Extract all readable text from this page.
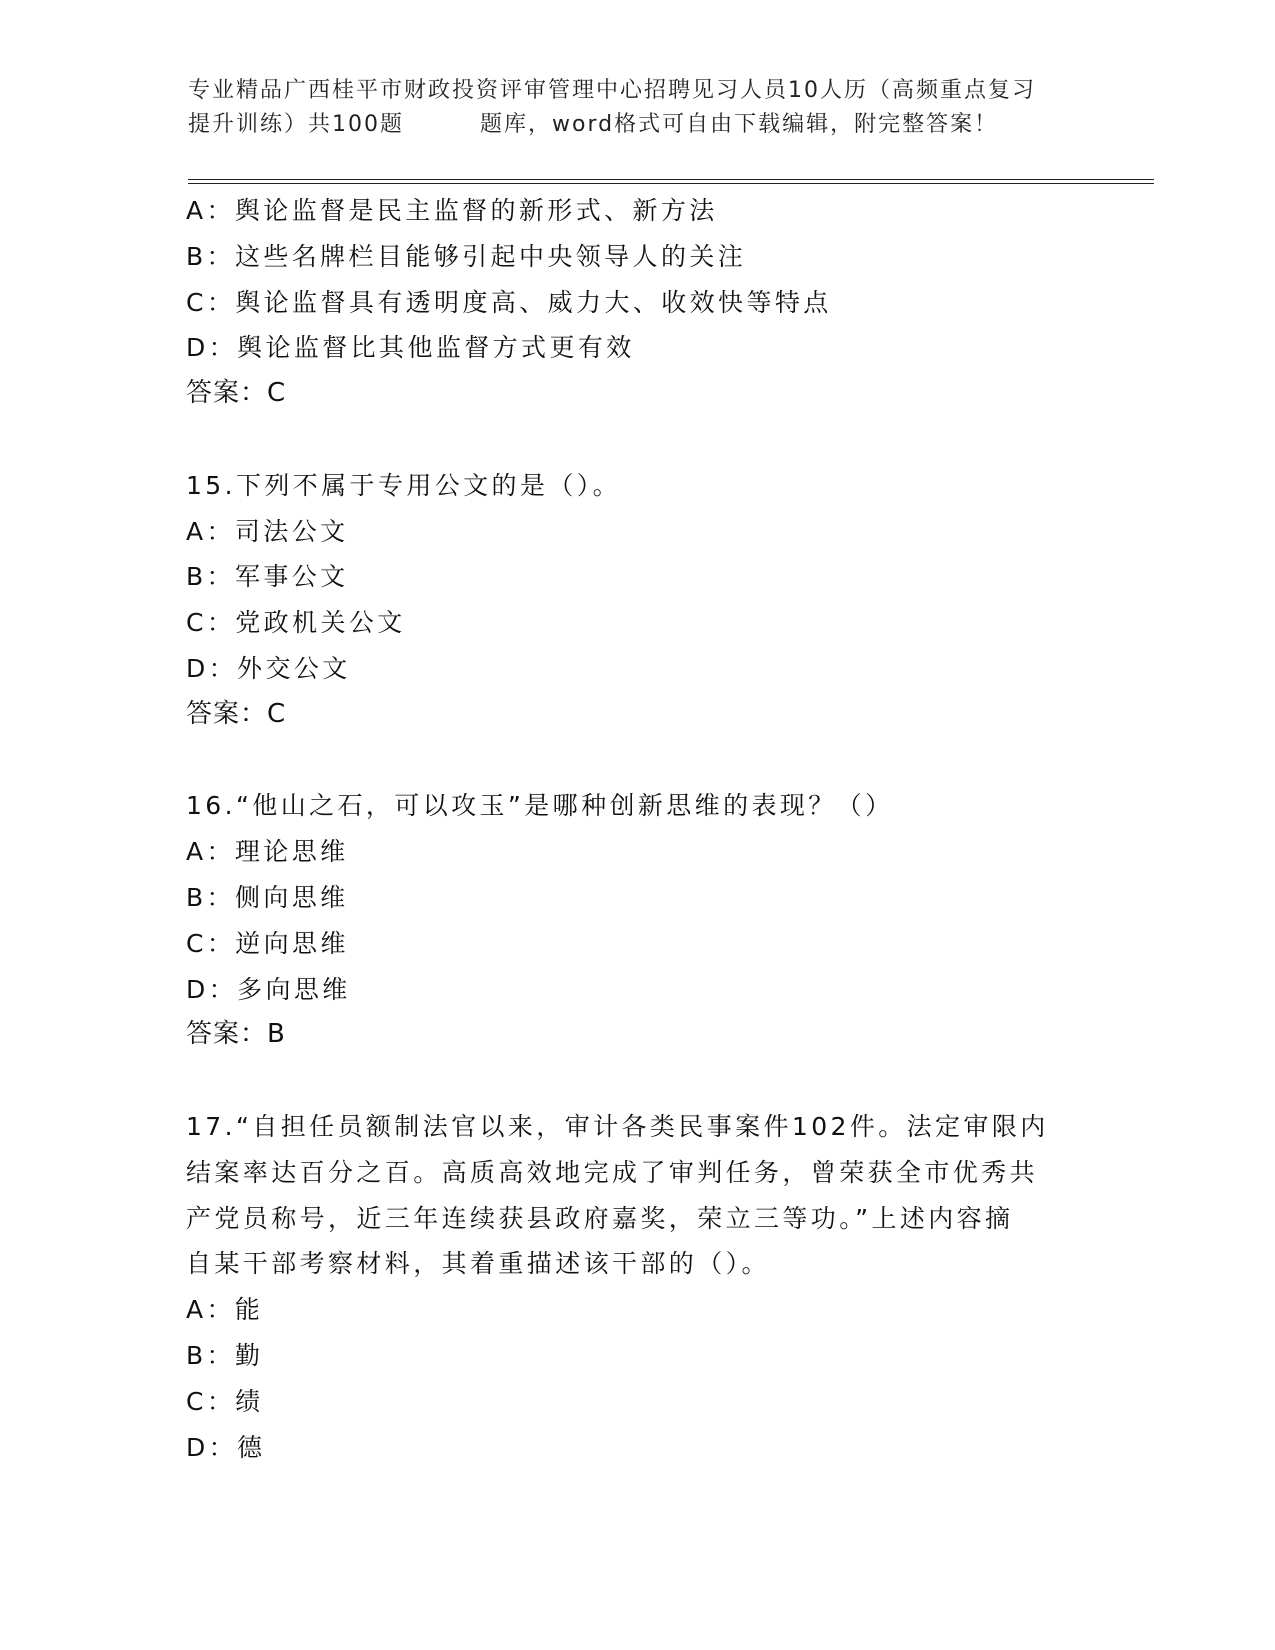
专业精品广西桂平市财政投资评审管理中心招聘见习人员10人历（高频重点复习
提升训练）共100题	题库，word格式可自由下载编辑，附完整答案！
A：舆论监督是民主监督的新形式、新方法
B：这些名牌栏目能够引起中央领导人的关注
C：舆论监督具有透明度高、威力大、收效快等特点
D：舆论监督比其他监督方式更有效
答案：C
15.下列不属于专用公文的是（）。
A：司法公文
B：军事公文
C：党政机关公文
D：外交公文
答案：C
16.“他山之石，可以攻玉”是哪种创新思维的表现？（）
A：理论思维
B：侧向思维
C：逆向思维
D：多向思维
答案：B
17.“自担任员额制法官以来，审计各类民事案件102件。法定审限内
结案率达百分之百。高质高效地完成了审判任务，曾荣获全市优秀共
产党员称号，近三年连续获县政府嘉奖，荣立三等功。”上述内容摘
自某干部考察材料，其着重描述该干部的（）。
A：能
B：勤
C：绩
D：德
